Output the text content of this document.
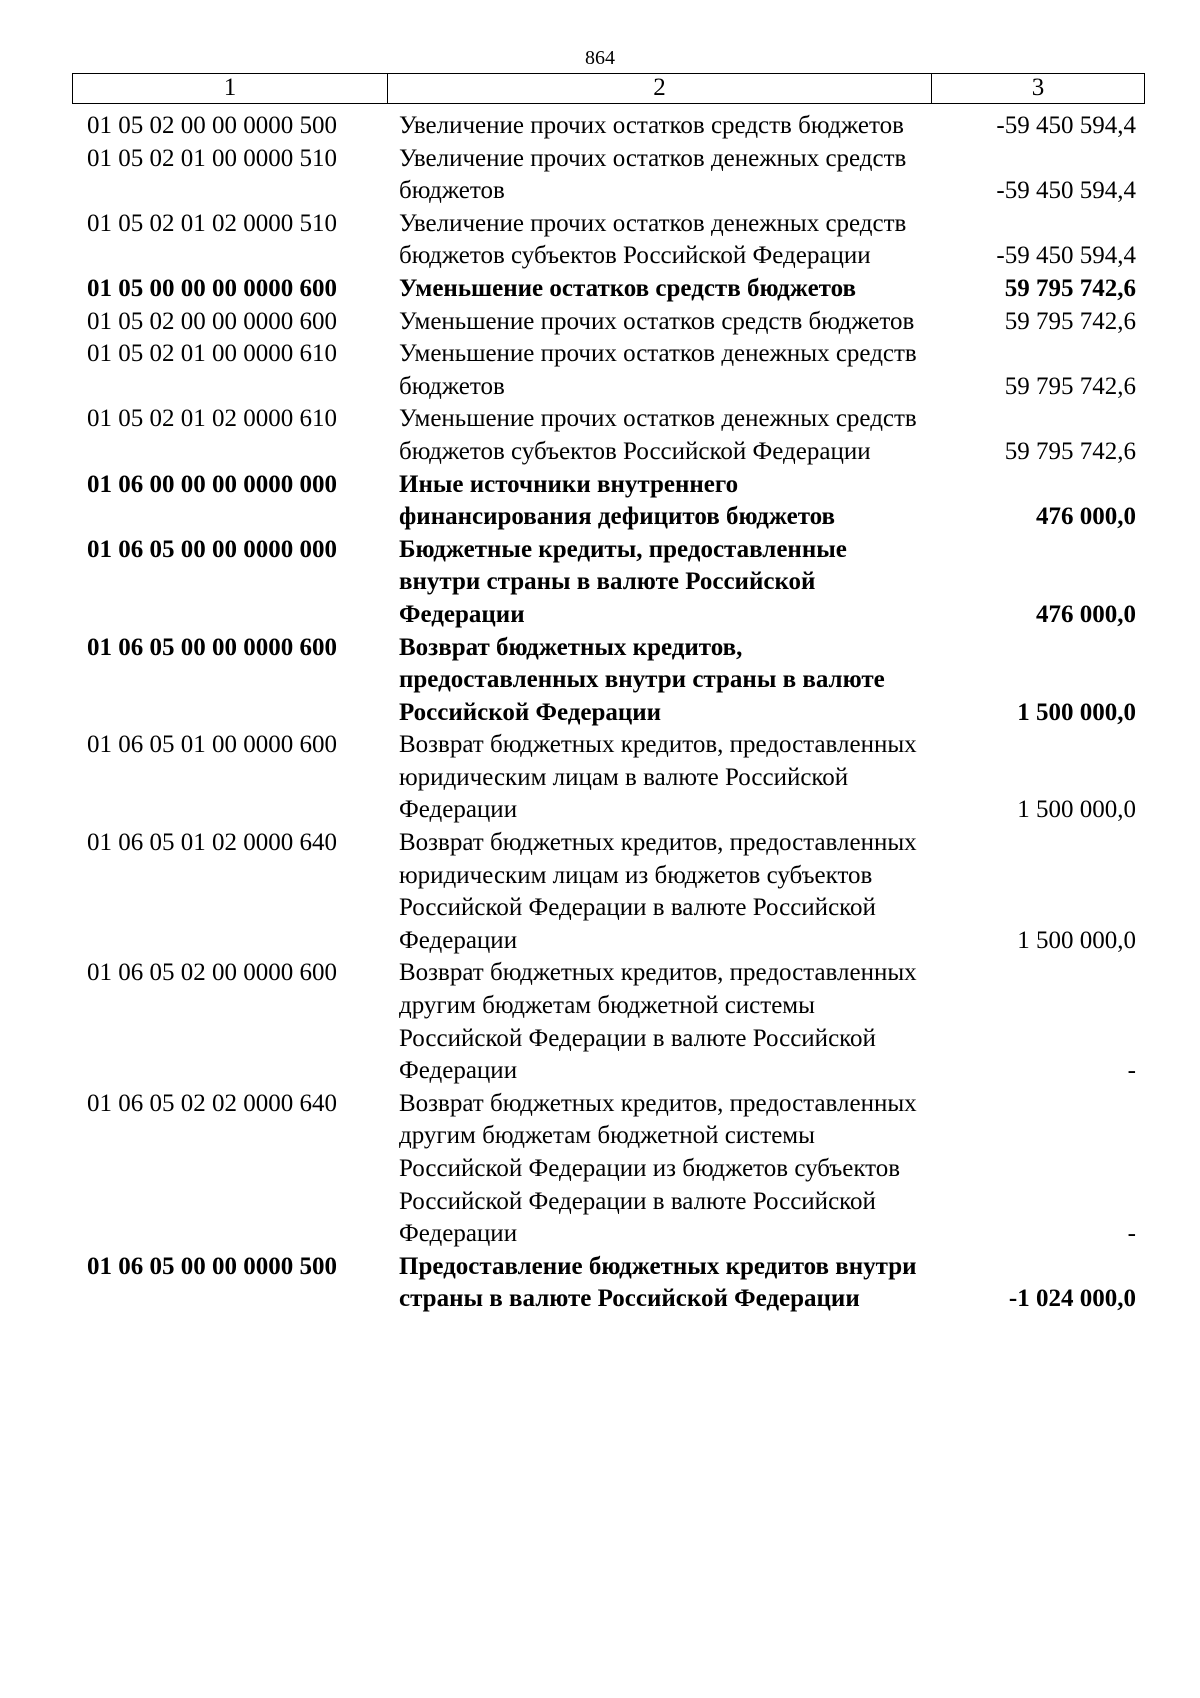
864
1	2	3
01 05 02 00 00 0000 500	Увеличение прочих остатков средств бюджетов	-59 450 594,4
01 05 02 01 00 0000 510	Увеличение прочих остатков денежных средств бюджетов	-59 450 594,4
01 05 02 01 02 0000 510	Увеличение прочих остатков денежных средств бюджетов субъектов Российской Федерации	-59 450 594,4
01 05 00 00 00 0000 600	Уменьшение остатков средств бюджетов	59 795 742,6
01 05 02 00 00 0000 600	Уменьшение прочих остатков средств бюджетов	59 795 742,6
01 05 02 01 00 0000 610	Уменьшение прочих остатков денежных средств бюджетов	59 795 742,6
01 05 02 01 02 0000 610	Уменьшение прочих остатков денежных средств бюджетов субъектов Российской Федерации	59 795 742,6
01 06 00 00 00 0000 000	Иные источники внутреннего финансирования дефицитов бюджетов	476 000,0
01 06 05 00 00 0000 000	Бюджетные кредиты, предоставленные внутри страны в валюте Российской Федерации	476 000,0
01 06 05 00 00 0000 600	Возврат бюджетных кредитов, предоставленных внутри страны в валюте Российской Федерации	1 500 000,0
01 06 05 01 00 0000 600	Возврат бюджетных кредитов, предоставленных юридическим лицам в валюте Российской Федерации	1 500 000,0
01 06 05 01 02 0000 640	Возврат бюджетных кредитов, предоставленных юридическим лицам из бюджетов субъектов Российской Федерации в валюте Российской Федерации	1 500 000,0
01 06 05 02 00 0000 600	Возврат бюджетных кредитов, предоставленных другим бюджетам бюджетной системы Российской Федерации в валюте Российской Федерации	-
01 06 05 02 02 0000 640	Возврат бюджетных кредитов, предоставленных другим бюджетам бюджетной системы Российской Федерации из бюджетов субъектов Российской Федерации в валюте Российской Федерации	-
01 06 05 00 00 0000 500	Предоставление бюджетных кредитов внутри страны в валюте Российской Федерации	-1 024 000,0
